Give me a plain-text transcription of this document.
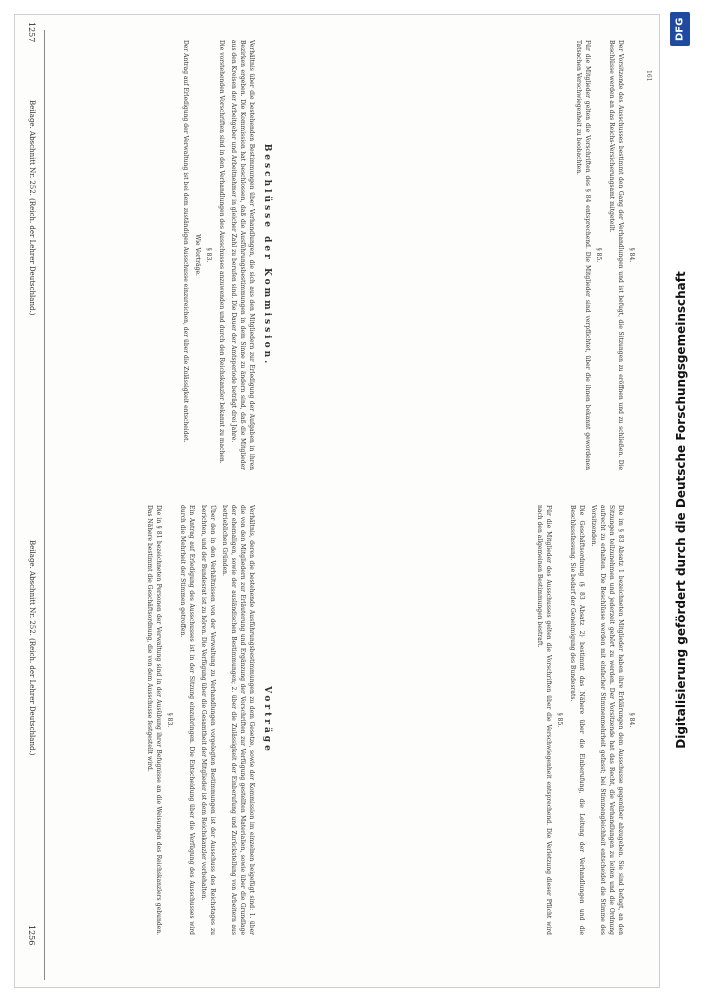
DFG
Digitalisierung gefördert durch die Deutsche Forschungsgemeinschaft
1256
Beilage. Abschnitt Nr. 252. (Reich. der Lehrer Deutschland.)
1257
Beilage. Abschnitt Nr. 252. (Reich. der Lehrer Deutschland.)
161
Vorträge

Verhältnis, deren die bestehende Ausführungsbestimmungen zu dem Gesetze, sowie der Kommission im einzelnen beigefügt sind: 1. über die von den Mitgliedern zur Erläuterung und Ergänzung der Vorschriften zur Verfügung gestellten Materialien, sowie über die Grundlage der ehemaligen, sowie der ausländischen Bestimmungen; 2. über die Zulässigkeit der Einberufung und Zurückstellung von Arbeitern aus betrieblichen Gründen.

Über den in den Verhältnissen von der Verwaltung zu Verhandlungen vorgelegten Bestimmungen ist der Ausschuss des Reichstages zu berichten, und der Bundesrat ist zu hören. Die Verfügung über die Gesamtheit der Mitglieder ist dem Reichskanzler vorbehalten.

Ein Antrag auf Erledigung des Ausschusses ist in der Sitzung einzubringen. Die Entscheidung über die Verfügung des Ausschusses wird durch die Mehrheit der Stimmen getroffen.

§ 83.

Die in § 81 bezeichneten Personen der Verwaltung sind in der Ausübung ihrer Befugnisse an die Weisungen des Reichskanzlers gebunden. Das Nähere bestimmt die Geschäftsordnung, die von dem Ausschusse festgestellt wird.	§ 84.

Die im § 83 Absatz 1 bezeichneten Mitglieder haben ihre Erklärungen dem Ausschusse gegenüber abzugeben. Sie sind befugt, an den Sitzungen teilzunehmen und jederzeit gehört zu werden. Der Vorsitzende hat das Recht, die Verhandlungen zu leiten und die Ordnung aufrecht zu erhalten. Die Beschlüsse werden mit einfacher Stimmenmehrheit gefasst; bei Stimmengleichheit entscheidet die Stimme des Vorsitzenden.

Die Geschäftsordnung (§ 83 Absatz 2) bestimmt das Nähere über die Einberufung, die Leitung der Verhandlungen und die Beschlussfassung. Sie bedarf der Genehmigung des Bundesrats.

§ 85.

Für die Mitglieder des Ausschusses gelten die Vorschriften über die Verschwiegenheit entsprechend. Die Verletzung dieser Pflicht wird nach den allgemeinen Bestimmungen bestraft.

Beschlüsse der Kommission.

Verhältnis über die bestehenden Bestimmungen über Verhandlungen, die sich aus den Mitgliedern zur Erledigung der Aufgaben in ihren Bezirken ergeben. Die Kommission hat beschlossen, daß die Ausführungsbestimmungen in dem Sinne zu ändern sind, daß die Mitglieder aus den Kreisen der Arbeitgeber und Arbeitnehmer in gleicher Zahl zu berufen sind. Die Dauer der Amtsperiode beträgt drei Jahre.

Die vorstehenden Vorschriften sind in den Verhandlungen des Ausschusses anzuwenden und durch den Reichskanzler bekannt zu machen.

§ 83.

Wie Vorträge.

Der Antrag auf Erledigung der Verwaltung ist bei dem zuständigen Ausschusse einzureichen, der über die Zulässigkeit entscheidet.	§ 84.

Der Vorsitzende des Ausschusses bestimmt den Gang der Verhandlungen und ist befugt, die Sitzungen zu eröffnen und zu schließen. Die Beschlüsse werden an das Reichs-Versicherungsamt mitgeteilt.

§ 85.

Für die Mitglieder gelten die Vorschriften des § 84 entsprechend. Die Mitglieder sind verpflichtet, über die ihnen bekannt gewordenen Tatsachen Verschwiegenheit zu beobachten.
